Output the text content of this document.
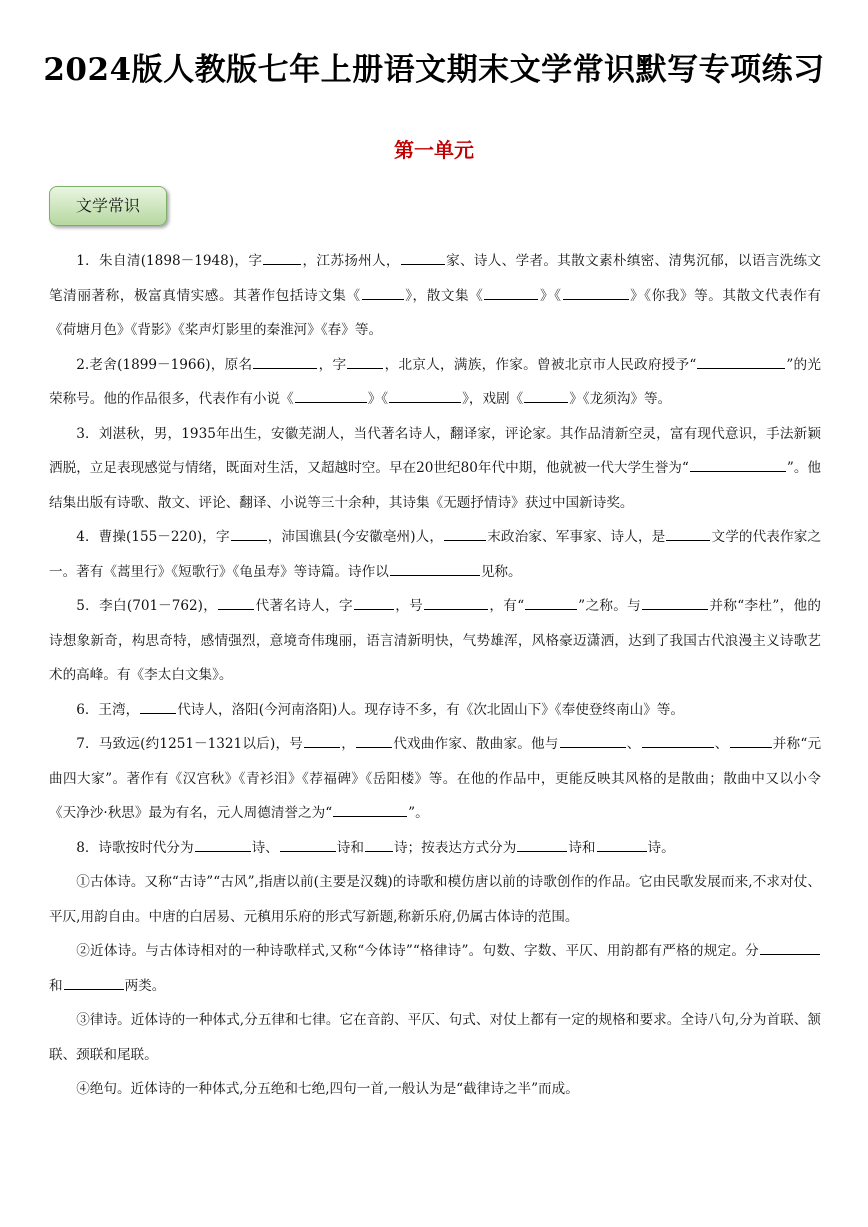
2024版人教版七年上册语文期末文学常识默写专项练习
第一单元
文学常识

1．朱自清(1898－1948)，字	，江苏扬州人，	家、诗人、学者。其散文素朴缜密、清隽沉郁，以语言洗练文笔清丽著称，极富真情实感。其著作包括诗文集《	》，散文集《	》《	》《你我》等。其散文代表作有《荷塘月色》《背影》《桨声灯影里的秦淮河》《春》等。

2.老舍(1899－1966)，原名	，字	，北京人，满族，作家。曾被北京市人民政府授予“	”的光荣称号。他的作品很多，代表作有小说《	》《	》，戏剧《	》《龙须沟》等。

3．刘湛秋，男，1935年出生，安徽芜湖人，当代著名诗人，翻译家，评论家。其作品清新空灵，富有现代意识，手法新颖洒脱，立足表现感觉与情绪，既面对生活，又超越时空。早在20世纪80年代中期，他就被一代大学生誉为“	”。他结集出版有诗歌、散文、评论、翻译、小说等三十余种，其诗集《无题抒情诗》获过中国新诗奖。

4．曹操(155－220)，字	，沛国谯县(今安徽亳州)人，	末政治家、军事家、诗人，是	文学的代表作家之一。著有《蒿里行》《短歌行》《龟虽寿》等诗篇。诗作以	见称。

5．李白(701－762)，	代著名诗人，字	，号	，有“	”之称。与	并称“李杜”，他的诗想象新奇，构思奇特，感情强烈，意境奇伟瑰丽，语言清新明快，气势雄浑，风格豪迈潇洒，达到了我国古代浪漫主义诗歌艺术的高峰。有《李太白文集》。

6．王湾，	代诗人，洛阳(今河南洛阳)人。现存诗不多，有《次北固山下》《奉使登终南山》等。

7．马致远(约1251－1321以后)，号	，	代戏曲作家、散曲家。他与	、	、	并称“元曲四大家”。著作有《汉宫秋》《青衫泪》《荐福碑》《岳阳楼》等。在他的作品中，更能反映其风格的是散曲；散曲中又以小令《天净沙·秋思》最为有名，元人周德清誉之为“	”。

8．诗歌按时代分为	诗、	诗和 诗；按表达方式分为	诗和	诗。

①古体诗。又称“古诗”“古风”,指唐以前(主要是汉魏)的诗歌和模仿唐以前的诗歌创作的作品。它由民歌发展而来,不求对仗、平仄,用韵自由。中唐的白居易、元稹用乐府的形式写新题,称新乐府,仍属古体诗的范围。

②近体诗。与古体诗相对的一种诗歌样式,又称“今体诗”“格律诗”。句数、字数、平仄、用韵都有严格的规定。分和	两类。

③律诗。近体诗的一种体式,分五律和七律。它在音韵、平仄、句式、对仗上都有一定的规格和要求。全诗八句,分为首联、颔联、颈联和尾联。

④绝句。近体诗的一种体式,分五绝和七绝,四句一首,一般认为是“截律诗之半”而成。
